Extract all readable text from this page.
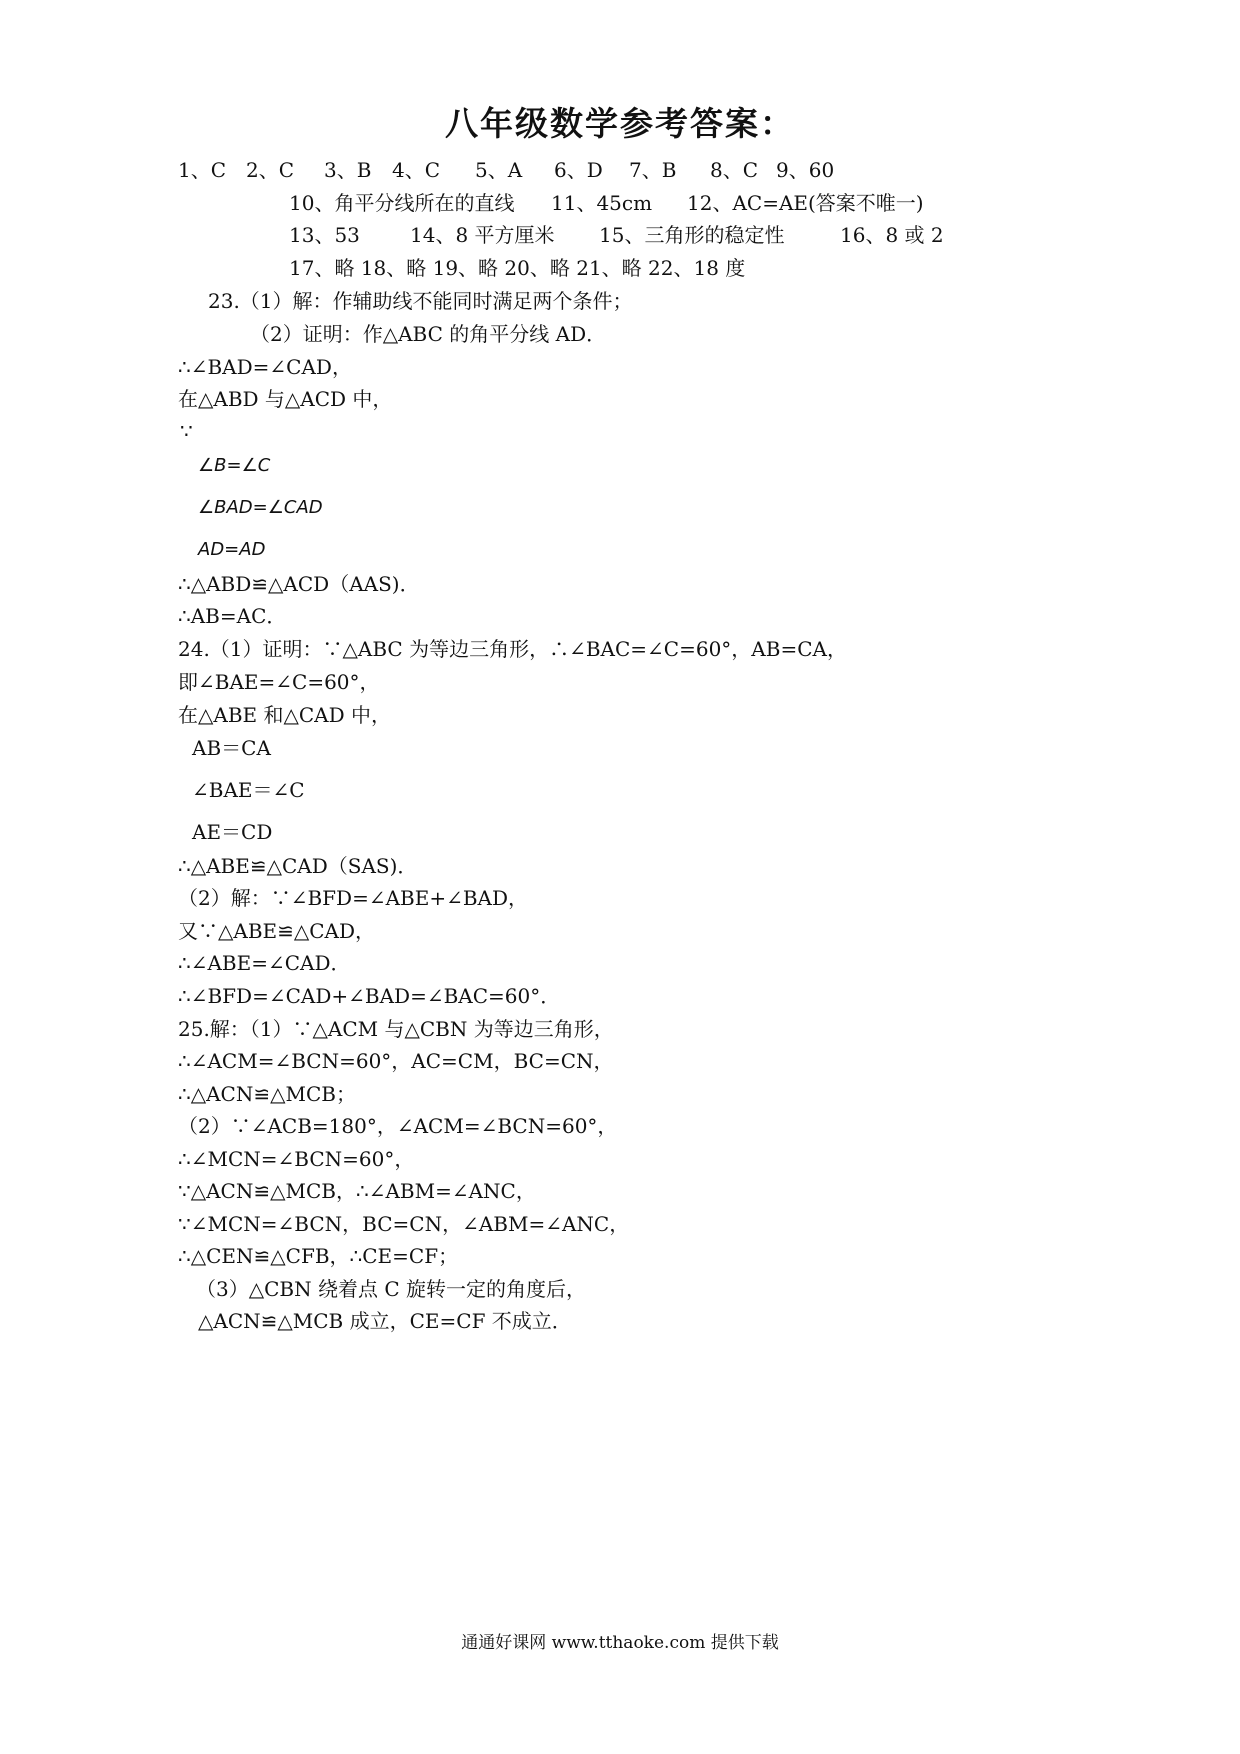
八年级数学参考答案：
1、C 2、C 3、B 4、C 5、A 6、D 7、B 8、C 9、60
10、角平分线所在的直线 11、45cm 12、AC=AE(答案不唯一)
13、53	14、8 平方厘米 15、三角形的稳定性	16、8 或 2
17、略 18、略 19、略 20、略 21、略 22、18 度
23.（1）解：作辅助线不能同时满足两个条件；
（2）证明：作△ABC 的角平分线 AD．
∴∠BAD=∠CAD，
在△ABD 与△ACD 中，
∵
∠B=∠C
∠BAD=∠CAD
AD=AD
∴△ABD≌△ACD（AAS)．
∴AB=AC．
24.（1）证明：∵△ABC 为等边三角形，∴∠BAC=∠C=60°，AB=CA，
即∠BAE=∠C=60°，
在△ABE 和△CAD 中，
AB＝CA
∠BAE＝∠C
AE＝CD
∴△ABE≌△CAD（SAS)．
（2）解：∵∠BFD=∠ABE+∠BAD，
又∵△ABE≌△CAD，
∴∠ABE=∠CAD．
∴∠BFD=∠CAD+∠BAD=∠BAC=60°．
25.解：（1）∵△ACM 与△CBN 为等边三角形，
∴∠ACM=∠BCN=60°，AC=CM，BC=CN，
∴△ACN≌△MCB；
（2）∵∠ACB=180°，∠ACM=∠BCN=60°，
∴∠MCN=∠BCN=60°，
∵△ACN≌△MCB，∴∠ABM=∠ANC，
∵∠MCN=∠BCN，BC=CN，∠ABM=∠ANC，
∴△CEN≌△CFB，∴CE=CF；
（3）△CBN 绕着点 C 旋转一定的角度后，
△ACN≌△MCB 成立，CE=CF 不成立．
通通好课网 www.tthaoke.com 提供下载
